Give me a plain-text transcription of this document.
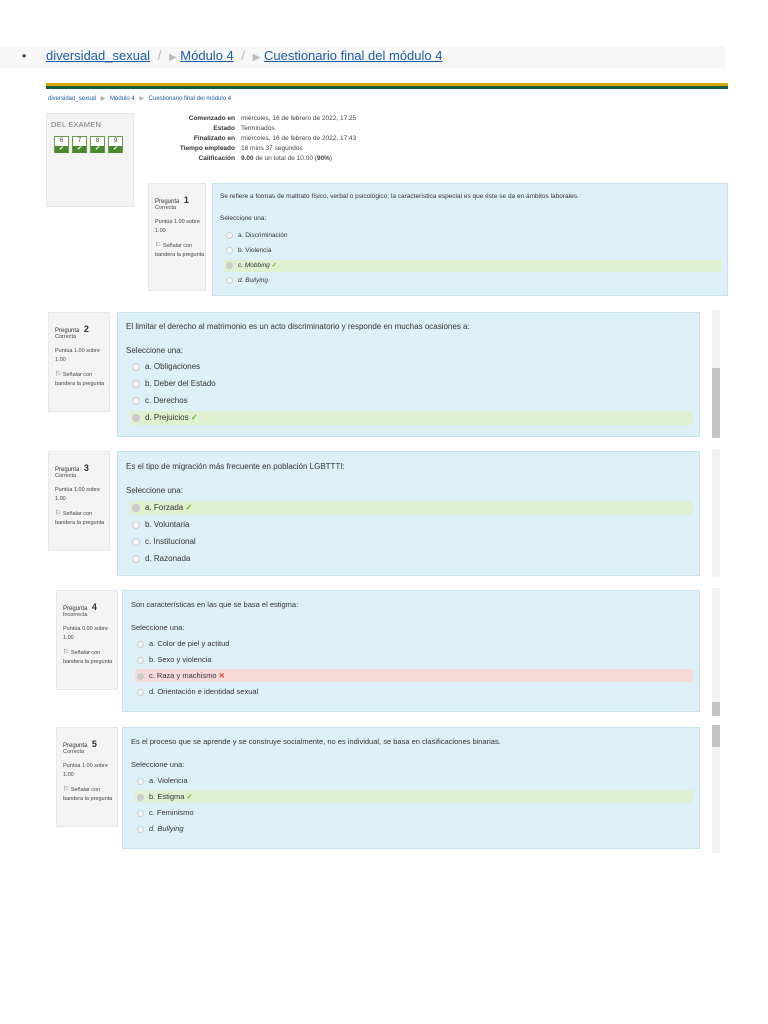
• diversidad_sexual / ▶ Módulo 4 / ▶ Cuestionario final del módulo 4
diversidad_sexual ▶ Módulo 4 ▶ Cuestionario final del módulo 4
DEL EXAMEN
6
✔
7
✔
8
✔
9
✔
Comenzado en miércoles, 16 de febrero de 2022, 17:25
Estado Terminados
Finalizado en miércoles, 16 de febrero de 2022, 17:43
Tiempo empleado 18 mins 37 segundos
Calificación 9.00 de un total de 10.00 (90%)
Pregunta 1
Correcta
Puntúa 1.00 sobre 1.00
⚐ Señalar con bandera la pregunta
Se refiere a formas de maltrato físico, verbal o psicológico; la característica especial es que éste se da en ámbitos laborales.
Seleccione una:
a. Discriminación
b. Violencia
c. Mobbing ✓
d. Bullying
Pregunta 2
Correcta
Puntúa 1.00 sobre 1.00
⚐ Señalar con bandera la pregunta
El limitar el derecho al matrimonio es un acto discriminatorio y responde en muchas ocasiones a:
Seleccione una:
a. Obligaciones
b. Deber del Estado
c. Derechos
d. Prejuicios ✓
Pregunta 3
Correcta
Puntúa 1.00 sobre 1.00
⚐ Señalar con bandera la pregunta
Es el tipo de migración más frecuente en población LGBTTTI:
Seleccione una:
a. Forzada ✓
b. Voluntaria
c. Institucional
d. Razonada
Pregunta 4
Incorrecta
Puntúa 0.00 sobre 1.00
⚐ Señalar con bandera la pregunta
Son características en las que se basa el estigma:
Seleccione una:
a. Color de piel y actitud
b. Sexo y violencia
c. Raza y machismo ✕
d. Orientación e identidad sexual
Pregunta 5
Correcta
Puntúa 1.00 sobre 1.00
⚐ Señalar con bandera la pregunta
Es el proceso que se aprende y se construye socialmente, no es individual, se basa en clasificaciones binarias.
Seleccione una:
a. Violencia
b. Estigma ✓
c. Feminismo
d. Bullying
